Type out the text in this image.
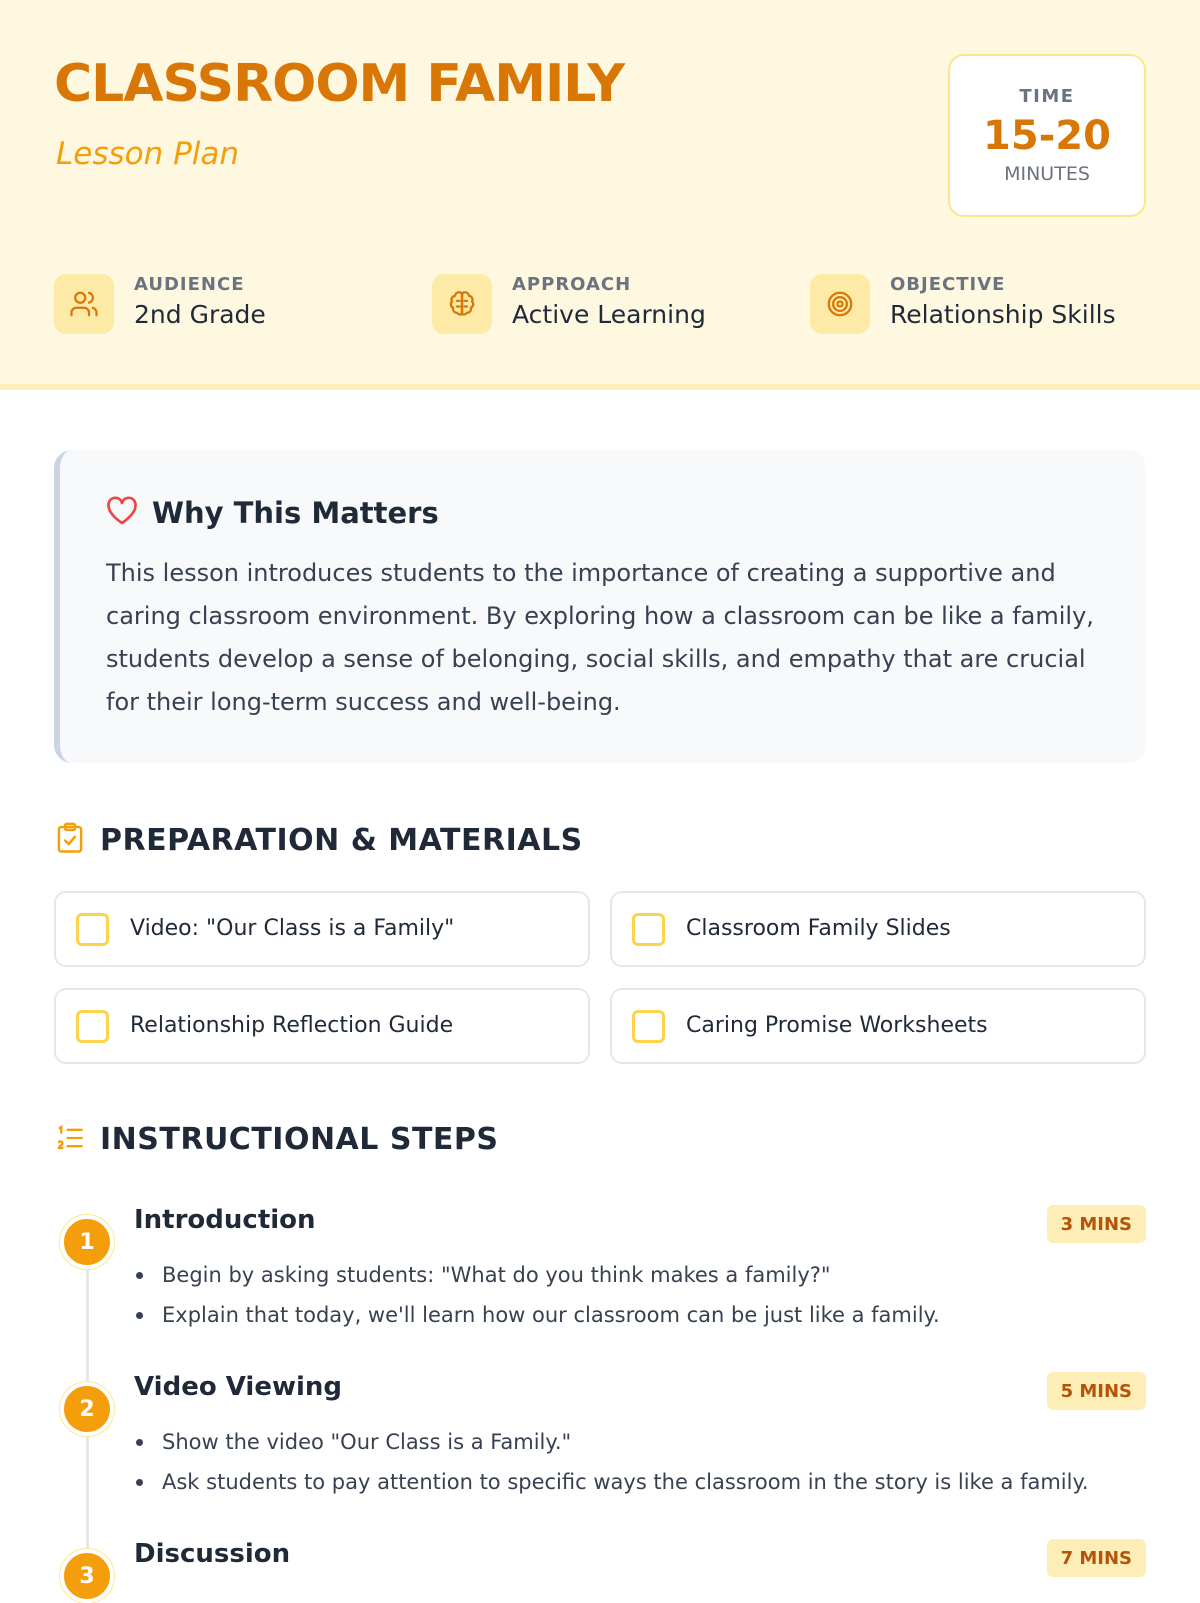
CLASSROOM FAMILY
Lesson Plan
TIME
15-20
MINUTES
AUDIENCE
2nd Grade
APPROACH
Active Learning
OBJECTIVE
Relationship Skills
Why This Matters
This lesson introduces students to the importance of creating a supportive and caring classroom environment. By exploring how a classroom can be like a family, students develop a sense of belonging, social skills, and empathy that are crucial for their long-term success and well-being.
PREPARATION & MATERIALS
Video: "Our Class is a Family"	Classroom Family Slides
Relationship Reflection Guide	Caring Promise Worksheets
INSTRUCTIONAL STEPS
1
Introduction	3 MINS
Begin by asking students: "What do you think makes a family?"
Explain that today, we'll learn how our classroom can be just like a family.
2
Video Viewing	5 MINS
Show the video "Our Class is a Family."
Ask students to pay attention to specific ways the classroom in the story is like a family.
3
Discussion	7 MINS
